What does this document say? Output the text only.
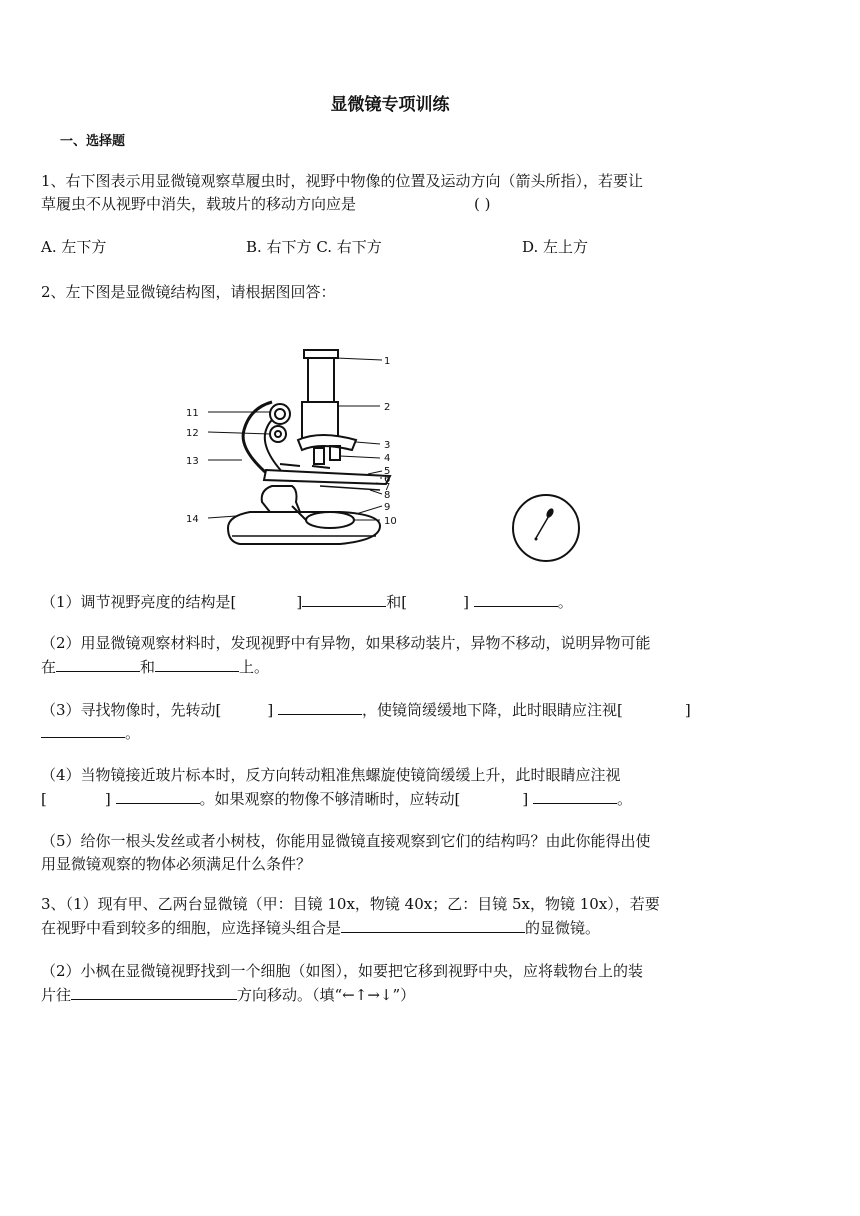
显微镜专项训练
一、选择题
1、右下图表示用显微镜观察草履虫时，视野中物像的位置及运动方向（箭头所指），若要让
草履虫不从视野中消失，载玻片的移动方向应是	( )
A. 左下方	B. 右下方 C. 右下方	D. 左上方
2、左下图是显微镜结构图，请根据图回答：
1
2
3
4
5
6
7
8
9
10
11
12
13
14
（1）调节视野亮度的结构是[	]	和[	]	。
（2）用显微镜观察材料时，发现视野中有异物，如果移动装片，异物不移动，说明异物可能
在	和	上。
（3）寻找物像时，先转动[	]	，使镜筒缓缓地下降，此时眼睛应注视[	]
。
（4）当物镜接近玻片标本时，反方向转动粗准焦螺旋使镜筒缓缓上升，此时眼睛应注视
[	]	。如果观察的物像不够清晰时，应转动[	]	。
（5）给你一根头发丝或者小树枝，你能用显微镜直接观察到它们的结构吗？由此你能得出使
用显微镜观察的物体必须满足什么条件？
3、（1）现有甲、乙两台显微镜（甲：目镜 10x，物镜 40x；乙：目镜 5x，物镜 10x），若要
在视野中看到较多的细胞，应选择镜头组合是	的显微镜。
（2）小枫在显微镜视野找到一个细胞（如图），如要把它移到视野中央，应将载物台上的装
片往	方向移动。（填“←↑→↓”）
